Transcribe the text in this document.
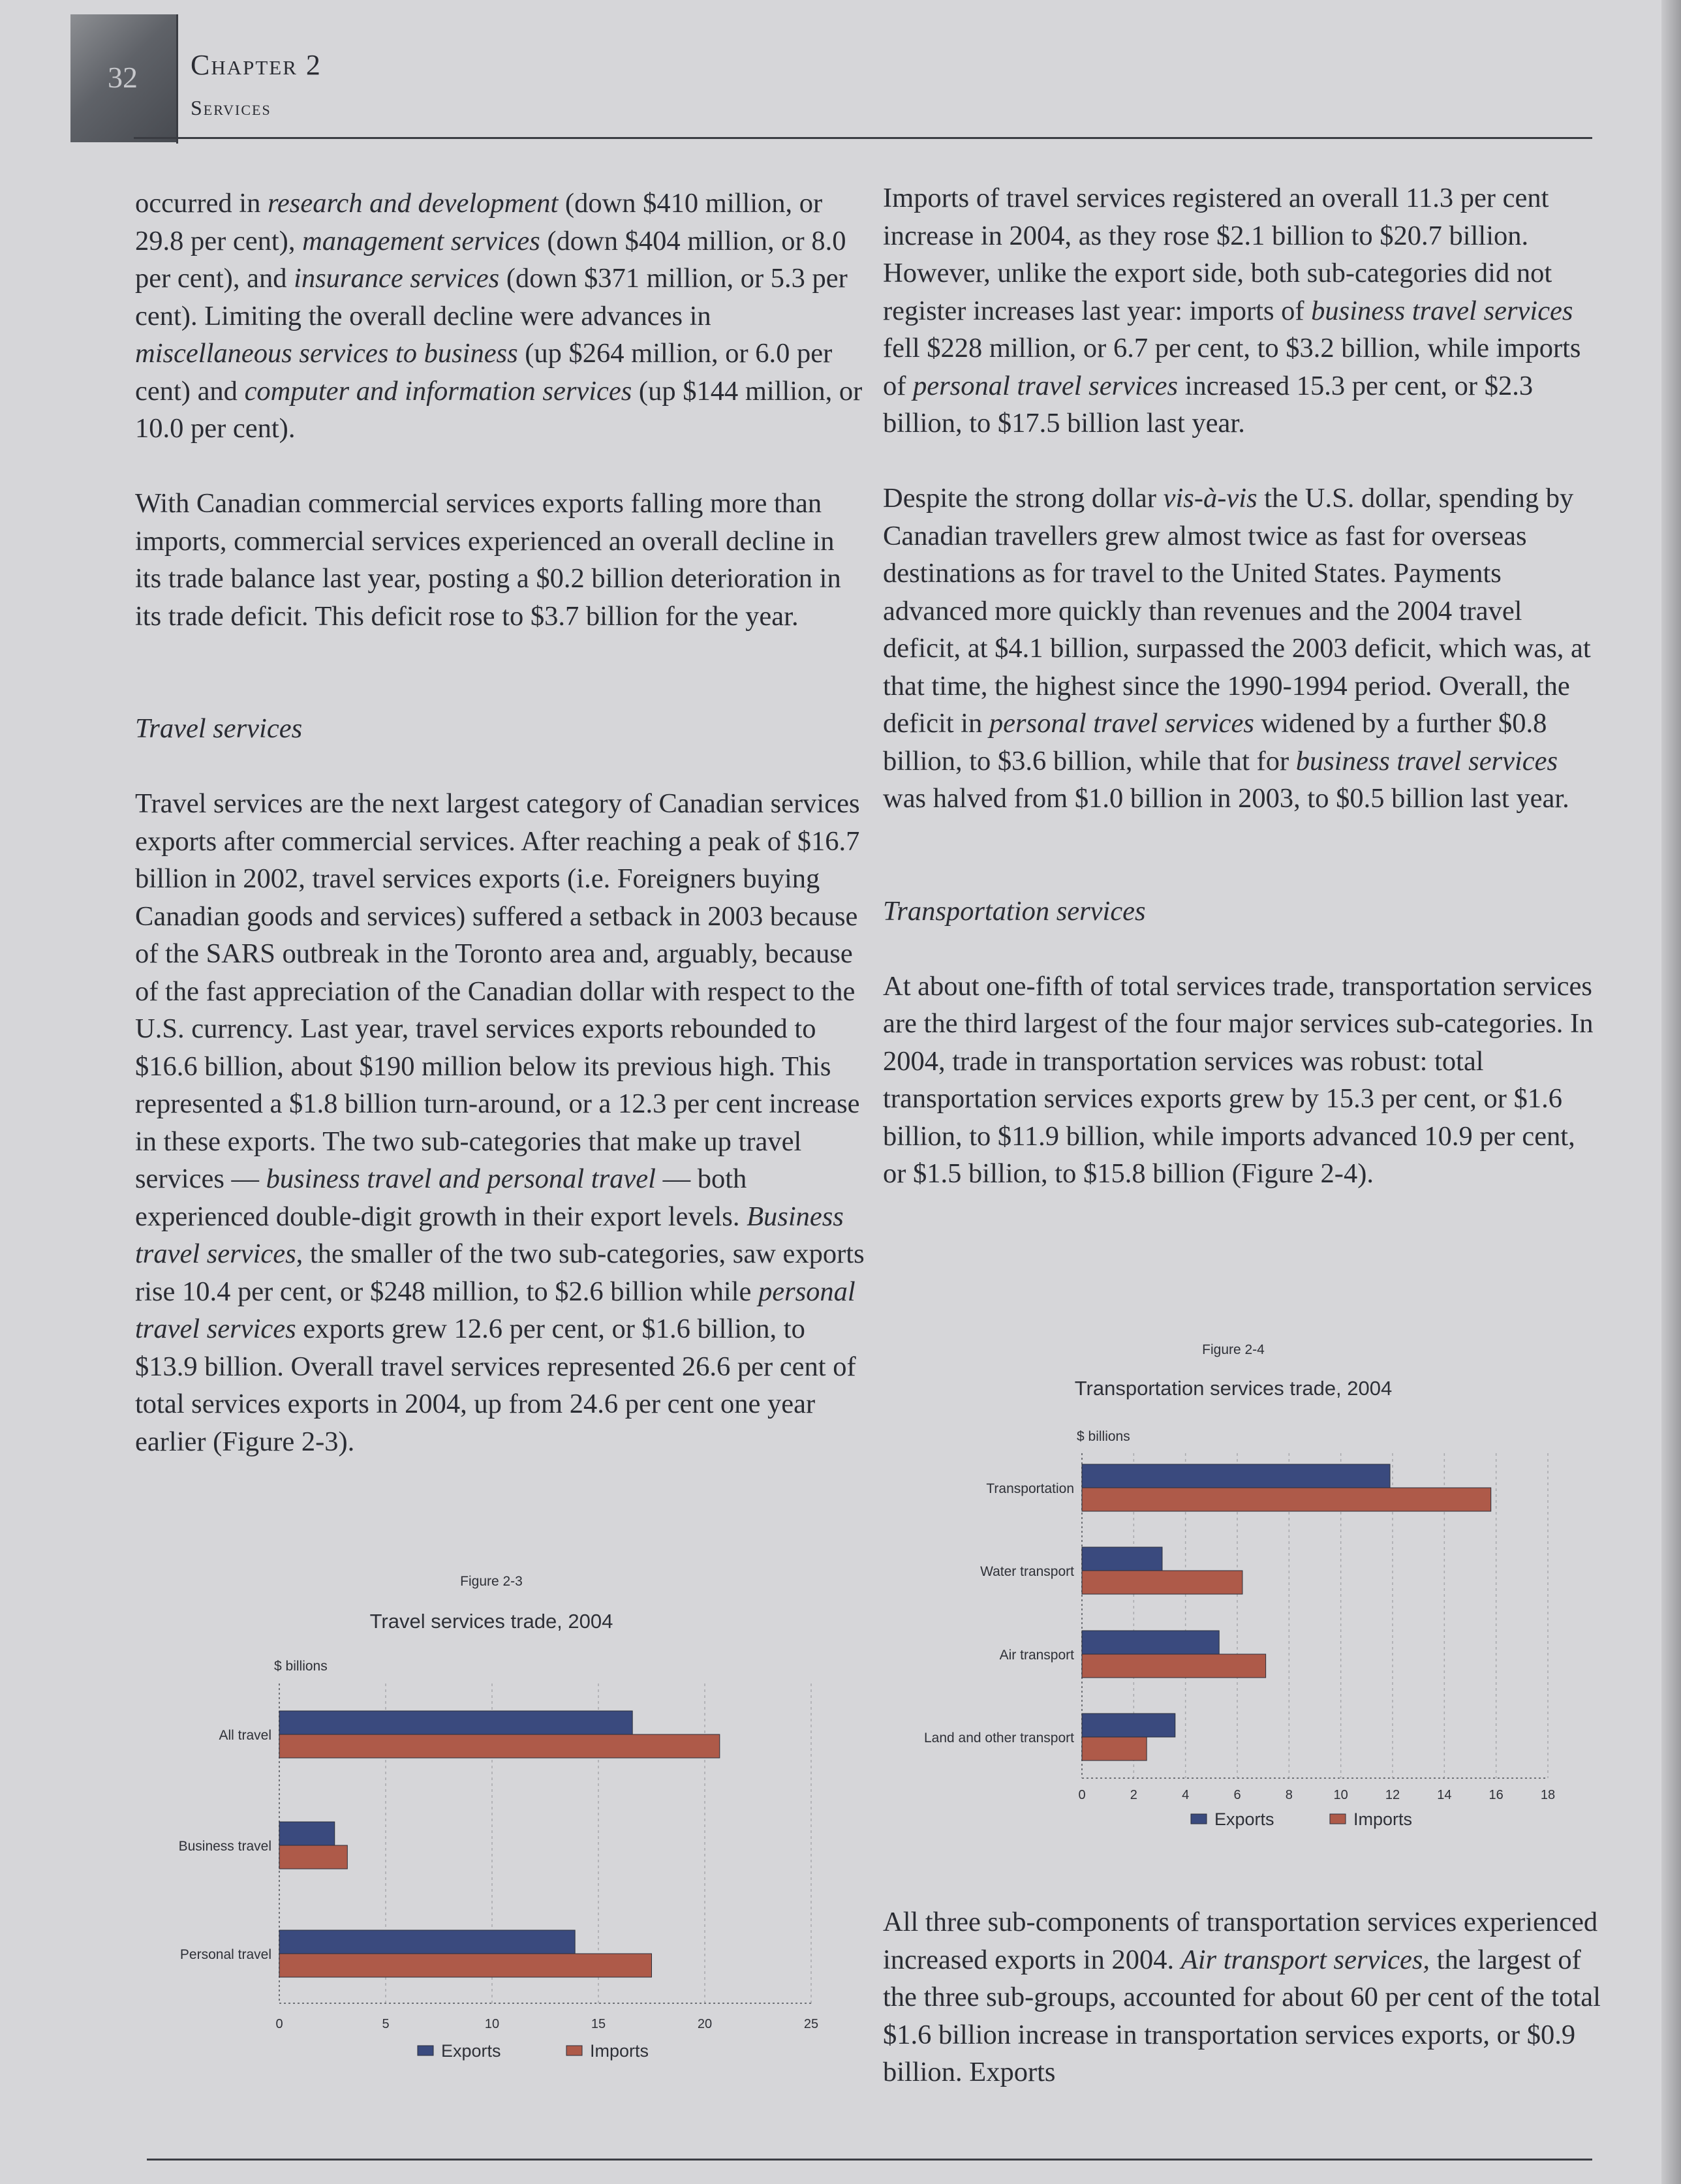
32 Chapter 2
Services

occurred in research and development (down $410 million, or 29.8 per cent), management services (down $404 million, or 8.0 per cent), and insurance services (down $371 million, or 5.3 per cent). Limiting the overall decline were advances in miscellaneous services to business (up $264 million, or 6.0 per cent) and computer and information services (up $144 million, or 10.0 per cent).

With Canadian commercial services exports falling more than imports, commercial services experienced an overall decline in its trade balance last year, posting a $0.2 billion deterioration in its trade deficit. This deficit rose to $3.7 billion for the year.

Travel services

Travel services are the next largest category of Canadian services exports after commercial services. After reaching a peak of $16.7 billion in 2002, travel services exports (i.e. Foreigners buying Canadian goods and services) suffered a setback in 2003 because of the SARS outbreak in the Toronto area and, arguably, because of the fast appreciation of the Canadian dollar with respect to the U.S. currency. Last year, travel services exports rebounded to $16.6 billion, about $190 million below its previous high. This represented a $1.8 billion turn-around, or a 12.3 per cent increase in these exports. The two sub-categories that make up travel services — business travel and personal travel — both experienced double-digit growth in their export levels. Business travel services, the smaller of the two sub-categories, saw exports rise 10.4 per cent, or $248 million, to $2.6 billion while personal travel services exports grew 12.6 per cent, or $1.6 billion, to $13.9 billion. Overall travel services represented 26.6 per cent of total services exports in 2004, up from 24.6 per cent one year earlier (Figure 2-3).

Imports of travel services registered an overall 11.3 per cent increase in 2004, as they rose $2.1 billion to $20.7 billion. However, unlike the export side, both sub-categories did not register increases last year: imports of business travel services fell $228 million, or 6.7 per cent, to $3.2 billion, while imports of personal travel services increased 15.3 per cent, or $2.3 billion, to $17.5 billion last year.

Despite the strong dollar vis-à-vis the U.S. dollar, spending by Canadian travellers grew almost twice as fast for overseas destinations as for travel to the United States. Payments advanced more quickly than revenues and the 2004 travel deficit, at $4.1 billion, surpassed the 2003 deficit, which was, at that time, the highest since the 1990-1994 period. Overall, the deficit in personal travel services widened by a further $0.8 billion, to $3.6 billion, while that for business travel services was halved from $1.0 billion in 2003, to $0.5 billion last year.

Transportation services

At about one-fifth of total services trade, transportation services are the third largest of the four major services sub-categories. In 2004, trade in transportation services was robust: total transportation services exports grew by 15.3 per cent, or $1.6 billion, to $11.9 billion, while imports advanced 10.9 per cent, or $1.5 billion, to $15.8 billion (Figure 2-4).

All three sub-components of transportation services experienced increased exports in 2004. Air transport services, the largest of the three sub-groups, accounted for about 60 per cent of the total $1.6 billion increase in transportation services exports, or $0.9 billion. Exports

Figure 2-3
Travel services trade, 2004
$ billions
0	5	10	15	20	25
All travel
Business travel
Personal travel
Exports	Imports
Figure 2-4
Transportation services trade, 2004
$ billions
0	2	4	6	8	10	12	14	16	18
Transportation
Water transport
Air transport
Land and other transport
Exports	Imports
